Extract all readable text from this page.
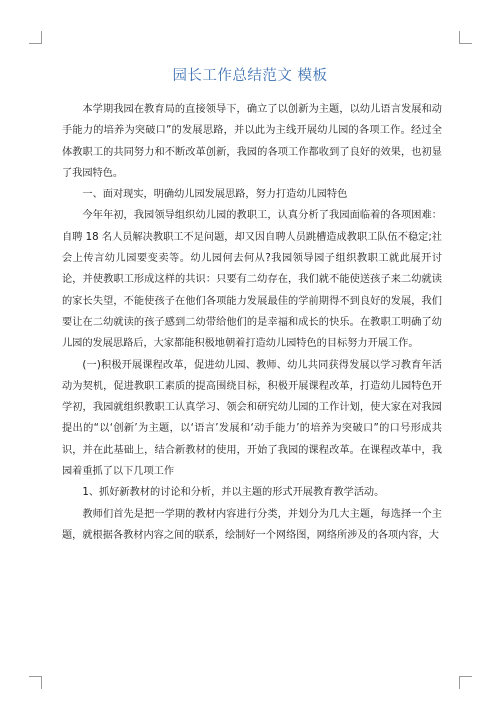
园长工作总结范文 模板

本学期我园在教育局的直接领导下，确立了以创新为主题，以幼儿语言发展和动手能力的培养为突破口”的发展思路，并以此为主线开展幼儿园的各项工作。经过全体教职工的共同努力和不断改革创新，我园的各项工作都收到了良好的效果，也初显了我园特色。

一、面对现实，明确幼儿园发展思路，努力打造幼儿园特色

今年年初，我园领导组织幼儿园的教职工，认真分析了我园面临着的各项困难：自聘 18 名人员解决教职工不足问题，却又因自聘人员跳槽造成教职工队伍不稳定;社会上传言幼儿园要变卖等。幼儿园何去何从?我园领导园子组织教职工就此展开讨论，并使教职工形成这样的共识：只要有二幼存在，我们就不能使送孩子来二幼就读的家长失望，不能使孩子在他们各项能力发展最佳的学前期得不到良好的发展，我们要让在二幼就读的孩子感到二幼带给他们的是幸福和成长的快乐。在教职工明确了幼儿园的发展思路后，大家都能积极地朝着打造幼儿园特色的目标努力开展工作。

(一)积极开展课程改革，促进幼儿园、教师、幼儿共同获得发展以学习教育年活动为契机，促进教职工素质的提高围绕目标，积极开展课程改革，打造幼儿园特色开学初，我园就组织教职工认真学习、领会和研究幼儿园的工作计划，使大家在对我园提出的“以‘创新’为主题，以‘语言’发展和‘动手能力’的培养为突破口”的口号形成共识，并在此基础上，结合新教材的使用，开始了我园的课程改革。在课程改革中，我园着重抓了以下几项工作

1、抓好新教材的讨论和分析，并以主题的形式开展教育教学活动。

教师们首先是把一学期的教材内容进行分类，并划分为几大主题，每选择一个主题，就根据各教材内容之间的联系，绘制好一个网络图，网络所涉及的各项内容，大
